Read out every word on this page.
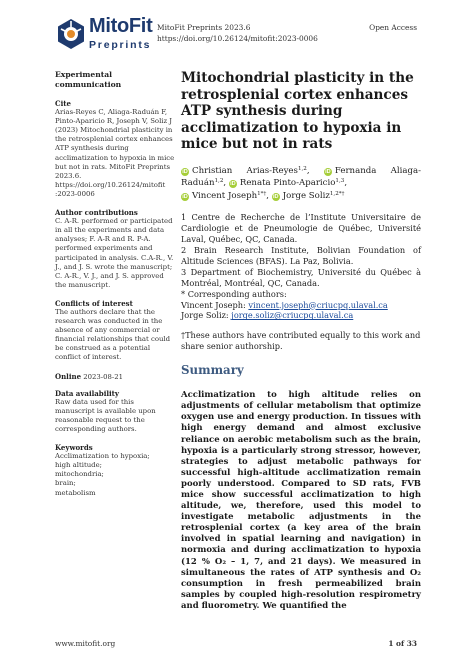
MitoFit
Preprints
MitoFit Preprints 2023.6
https://doi.org/10.26124/mitofit:2023-0006
Open Access
Experimental communication
Cite
Arias-Reyes C, Aliaga-Raduán F, Pinto-Aparicio R, Joseph V, Soliz J (2023) Mitochondrial plasticity in the retrosplenial cortex enhances ATP synthesis during acclimatization to hypoxia in mice but not in rats. MitoFit Preprints 2023.6. https://doi.org/10.26124/mitofit :2023-0006
Author contributions
C. A-R. performed or participated in all the experiments and data analyses; F. A-R and R. P-A. performed experiments and participated in analysis. C.A-R., V. J., and J. S. wrote the manuscript; C. A-R., V. J., and J. S. approved the manuscript.
Conflicts of interest
The authors declare that the research was conducted in the absence of any commercial or financial relationships that could be construed as a potential conflict of interest.
Online 2023-08-21
Data availability
Raw data used for this manuscript is available upon reasonable request to the corresponding authors.
Keywords
Acclimatization to hypoxia;
high altitude;
mitochondria;
brain;
metabolism
Mitochondrial plasticity in the retrosplenial cortex enhances ATP synthesis during acclimatization to hypoxia in mice but not in rats
iD Christian Arias-Reyes$^{1,2}$,	iD Fernanda Aliaga-Raduán$^{1,2}$, iD Renata Pinto-Aparicio$^{1,3}$,
iD Vincent Joseph$^{1*\dagger}$, iD Jorge Soliz$^{1,2*\dagger}$

1 Centre de Recherche de l’Institute Universitaire de Cardiologie et de Pneumologie de Québec, Université Laval, Québec, QC, Canada.

2 Brain Research Institute, Bolivian Foundation of Altitude Sciences (BFAS). La Paz, Bolivia.

3 Department of Biochemistry, Université du Québec à Montréal, Montréal, QC, Canada.

* Corresponding authors:
Vincent Joseph: vincent.joseph@criucpq.ulaval.ca
Jorge Soliz: jorge.soliz@criucpq.ulaval.ca
†These authors have contributed equally to this work and share senior authorship.
Summary

Acclimatization to high altitude relies on adjustments of cellular metabolism that optimize oxygen use and energy production. In tissues with high energy demand and almost exclusive reliance on aerobic metabolism such as the brain, hypoxia is a particularly strong stressor, however, strategies to adjust metabolic pathways for successful high-altitude acclimatization remain poorly understood. Compared to SD rats, FVB mice show successful acclimatization to high altitude, we, therefore, used this model to investigate metabolic adjustments in the retrosplenial cortex (a key area of the brain involved in spatial learning and navigation) in normoxia and during acclimatization to hypoxia (12 % O₂ – 1, 7, and 21 days). We measured in simultaneous the rates of ATP synthesis and O₂ consumption in fresh permeabilized brain samples by coupled high-resolution respirometry and fluorometry. We quantified the

www.mitofit.org	1 of 33
